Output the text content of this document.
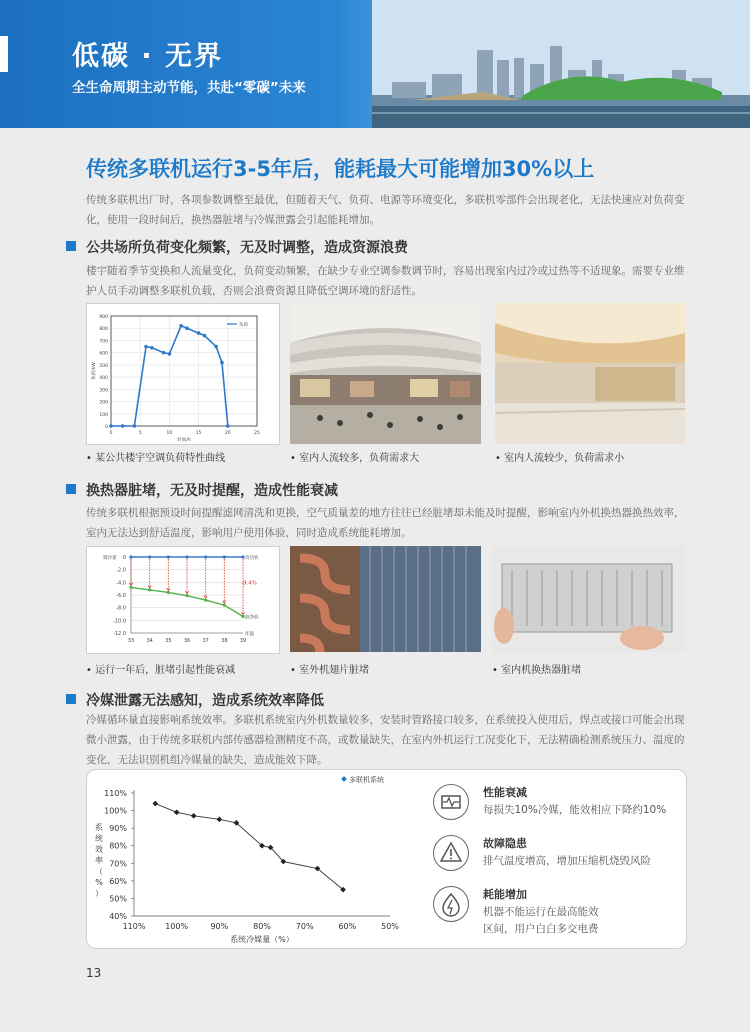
低碳 · 无界
全生命周期主动节能，共赴“零碳”未来
传统多联机运行3-5年后，能耗最大可能增加30%以上
传统多联机出厂时，各项参数调整至最优，但随着天气、负荷、电源等环境变化，多联机零部件会出现老化，无法快速应对负荷变化，使用一段时间后，换热器脏堵与冷媒泄露会引起能耗增加。
公共场所负荷变化频繁，无及时调整，造成资源浪费
楼宇随着季节变换和人流量变化，负荷变动频繁，在缺少专业空调参数调节时，容易出现室内过冷或过热等不适现象。需要专业维护人员手动调整多联机负载，否则会浪费资源且降低空调环境的舒适性。
0
100
200
300
400
500
600
700
800
900
0	5	10	15	20	25
时间/h
负荷/kW
负荷
• 某公共楼宇空调负荷特性曲线	• 室内人流较多，负荷需求大	• 室内人流较少，负荷需求小
换热器脏堵，无及时提醒，造成性能衰减
传统多联机根据预设时间提醒滤网清洗和更换，空气质量差的地方往往已经脏堵却未能及时提醒，影响室内外机换热器换热效率，室内无法达到舒适温度，影响用户使用体验，同时造成系统能耗增加。
0
-2.0
-4.0
-6.0
-8.0
-10.0
-12.0
33 34 35 36 37 38 39
清洁机
脏净机
-9.4%
制冷量
环温
• 运行一年后，脏堵引起性能衰减	• 室外机翅片脏堵	• 室内机换热器脏堵
冷媒泄露无法感知，造成系统效率降低
冷媒循环量直接影响系统效率。多联机系统室内外机数量较多，安装时管路接口较多，在系统投入使用后，焊点或接口可能会出现微小泄露，由于传统多联机内部传感器检测精度不高，或数量缺失，在室内外机运行工况变化下，无法精确检测系统压力、温度的变化，无法识别机组冷媒量的缺失，造成能效下降。
110%
100%
90%
80%
70%
60%
50%
40%
110% 100%	90%	80%	70%	60%	50%
多联机系统
系统冷媒量（%）
系
统
效
率
（
%
）
性能衰减
每损失10%冷媒，能效相应下降约10%
故障隐患
排气温度增高，增加压缩机烧毁风险
耗能增加
机器不能运行在最高能效区间，用户白白多交电费
13
